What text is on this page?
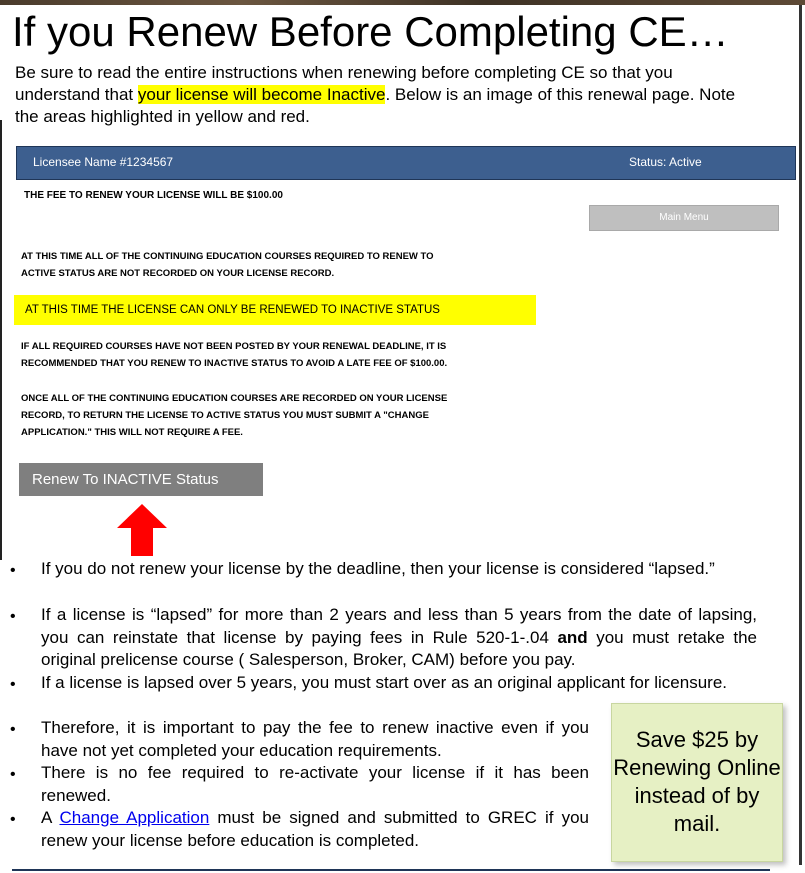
If you Renew Before Completing CE…
Be sure to read the entire instructions when renewing before completing CE so that you understand that your license will become Inactive. Below is an image of this renewal page. Note the areas highlighted in yellow and red.
Licensee Name #1234567	Status: Active
THE FEE TO RENEW YOUR LICENSE WILL BE $100.00
Main Menu
AT THIS TIME ALL OF THE CONTINUING EDUCATION COURSES REQUIRED TO RENEW TO
ACTIVE STATUS ARE NOT RECORDED ON YOUR LICENSE RECORD.
AT THIS TIME THE LICENSE CAN ONLY BE RENEWED TO INACTIVE STATUS
IF ALL REQUIRED COURSES HAVE NOT BEEN POSTED BY YOUR RENEWAL DEADLINE, IT IS
RECOMMENDED THAT YOU RENEW TO INACTIVE STATUS TO AVOID A LATE FEE OF $100.00.
ONCE ALL OF THE CONTINUING EDUCATION COURSES ARE RECORDED ON YOUR LICENSE
RECORD, TO RETURN THE LICENSE TO ACTIVE STATUS YOU MUST SUBMIT A "CHANGE
APPLICATION." THIS WILL NOT REQUIRE A FEE.
Renew To INACTIVE Status
• If you do not renew your license by the deadline, then your license is considered “lapsed.”
• If a license is “lapsed” for more than 2 years and less than 5 years from the date of lapsing, you can reinstate that license by paying fees in Rule 520-1-.04 and you must retake the original prelicense course ( Salesperson, Broker, CAM) before you pay.
• If a license is lapsed over 5 years, you must start over as an original applicant for licensure.
• Therefore, it is important to pay the fee to renew inactive even if you have not yet completed your education requirements.
• There is no fee required to re-activate your license if it has been renewed.
• A Change Application must be signed and submitted to GREC if you renew your license before education is completed.
Save $25 by Renewing Online instead of by mail.
